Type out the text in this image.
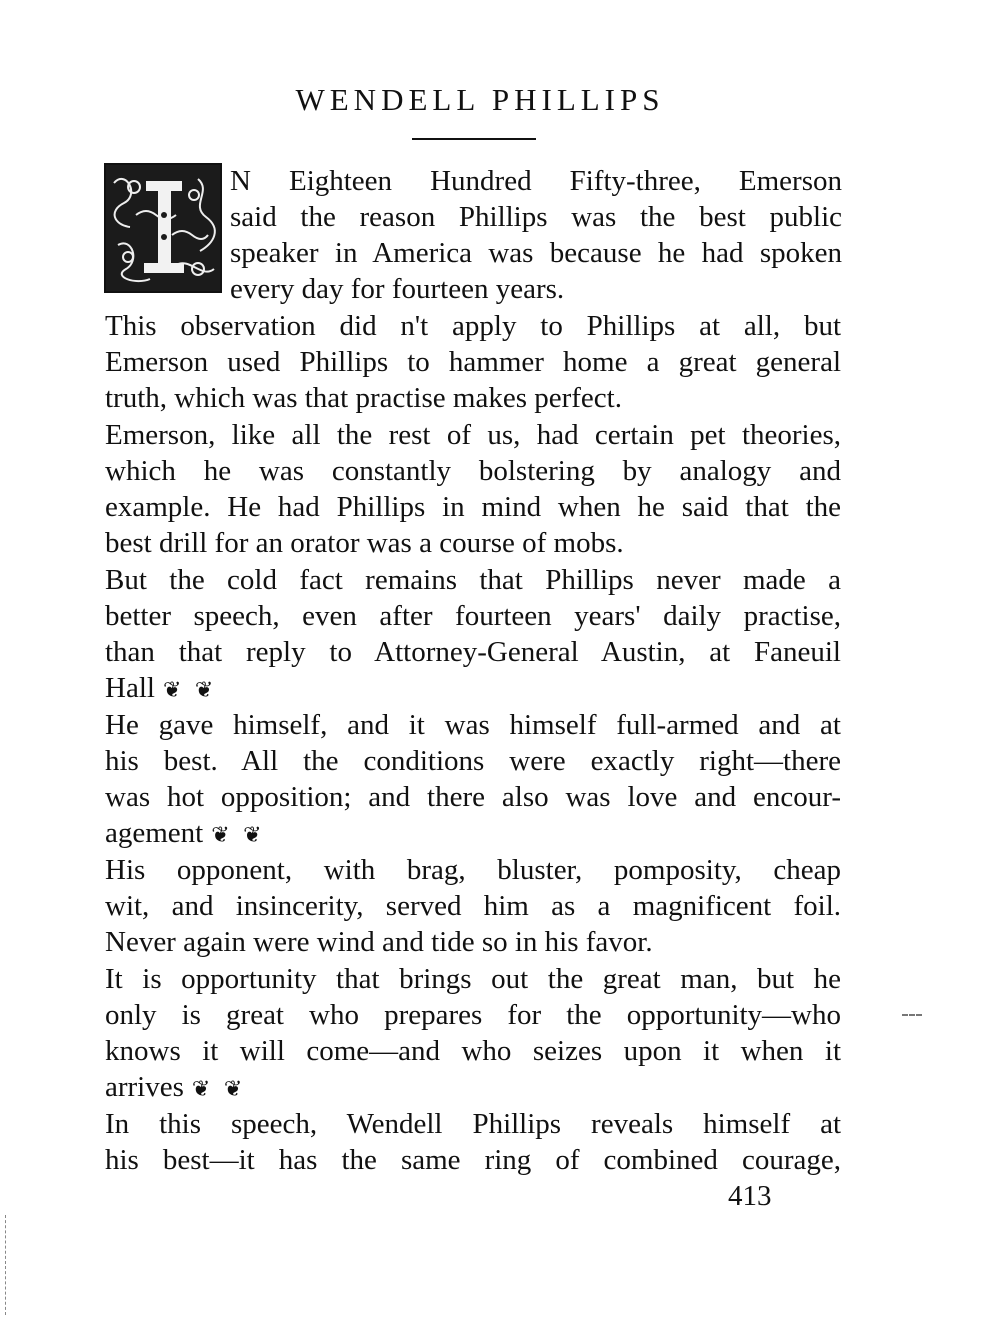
WENDELL PHILLIPS
N Eighteen Hundred Fifty-three, Emerson
said the reason Phillips was the best public
speaker in America was because he had spoken
every day for fourteen years.
This observation did n't apply to Phillips at all, but
Emerson used Phillips to hammer home a great general
truth, which was that practise makes perfect.
Emerson, like all the rest of us, had certain pet theories,
which he was constantly bolstering by analogy and
example. He had Phillips in mind when he said that the
best drill for an orator was a course of mobs.
But the cold fact remains that Phillips never made a
better speech, even after fourteen years' daily practise,
than that reply to Attorney-General Austin, at Faneuil
Hall ❦ ❦
He gave himself, and it was himself full-armed and at
his best. All the conditions were exactly right—there
was hot opposition; and there also was love and encour-
agement ❦ ❦
His opponent, with brag, bluster, pomposity, cheap
wit, and insincerity, served him as a magnificent foil.
Never again were wind and tide so in his favor.
It is opportunity that brings out the great man, but he
only is great who prepares for the opportunity—who
knows it will come—and who seizes upon it when it
arrives ❦ ❦
In this speech, Wendell Phillips reveals himself at
his best—it has the same ring of combined courage,
413
